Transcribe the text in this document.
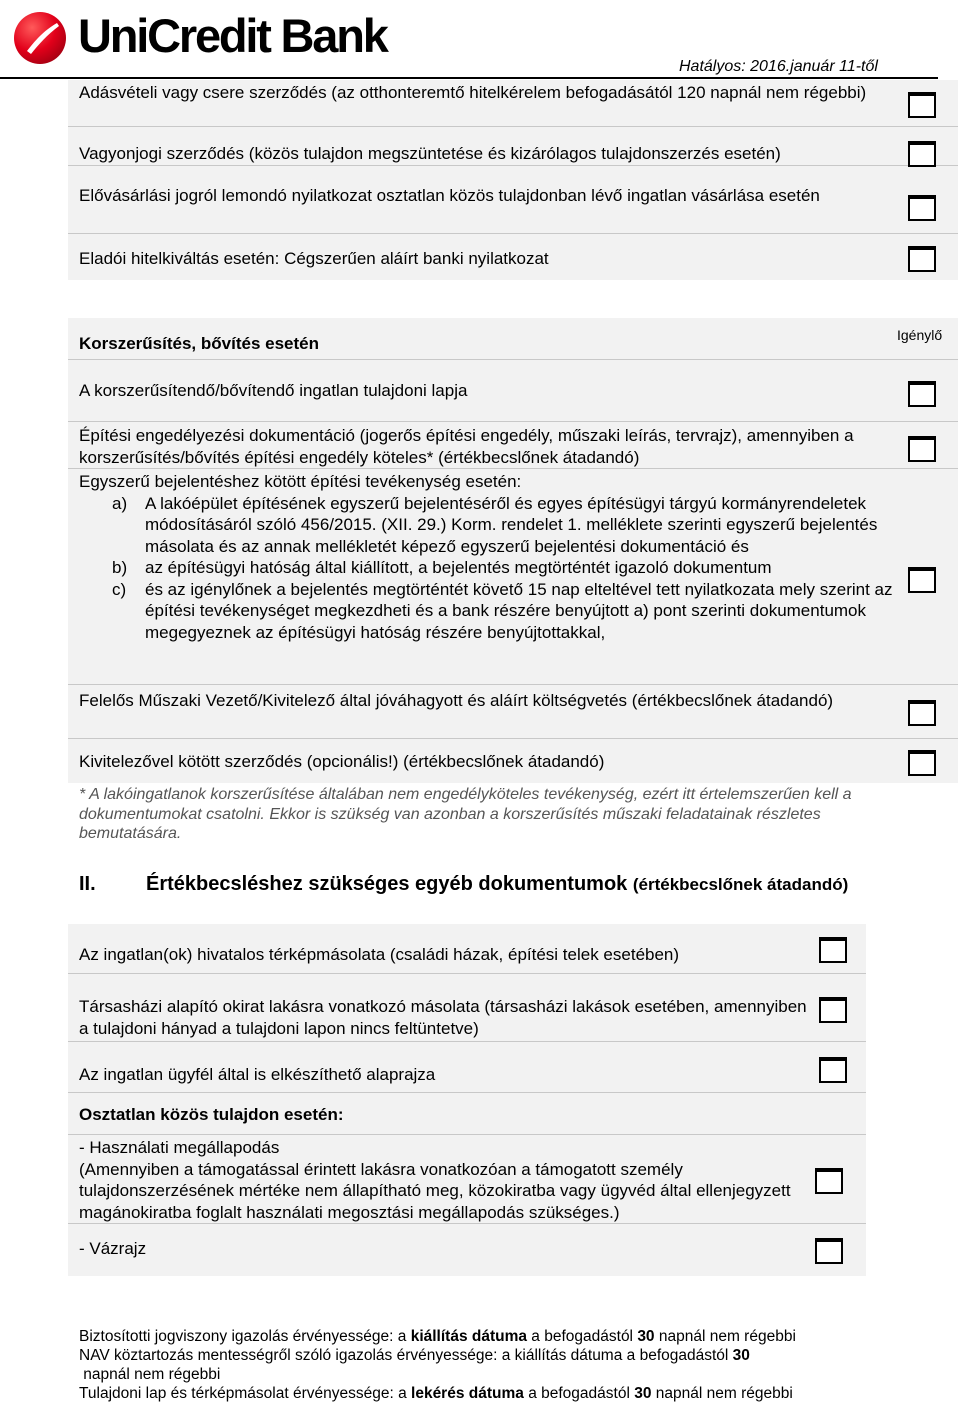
UniCredit Bank
Hatályos: 2016.január 11-től
Adásvételi vagy csere szerződés (az otthonteremtő hitelkérelem befogadásától 120 napnál nem régebbi)
Vagyonjogi szerződés (közös tulajdon megszüntetése és kizárólagos tulajdonszerzés esetén)
Elővásárlási jogról lemondó nyilatkozat osztatlan közös tulajdonban lévő ingatlan vásárlása esetén
Eladói hitelkiváltás esetén: Cégszerűen aláírt banki nyilatkozat
Korszerűsítés, bővítés esetén	Igénylő
A korszerűsítendő/bővítendő ingatlan tulajdoni lapja
Építési engedélyezési dokumentáció (jogerős építési engedély, műszaki leírás, tervrajz), amennyiben a korszerűsítés/bővítés építési engedély köteles* (értékbecslőnek átadandó)
Egyszerű bejelentéshez kötött építési tevékenység esetén:
a) A lakóépület építésének egyszerű bejelentéséről és egyes építésügyi tárgyú kormányrendeletek módosításáról szóló 456/2015. (XII. 29.) Korm. rendelet 1. melléklete szerinti egyszerű bejelentés másolata és az annak mellékletét képező egyszerű bejelentési dokumentáció és
b) az építésügyi hatóság által kiállított, a bejelentés megtörténtét igazoló dokumentum
c) és az igénylőnek a bejelentés megtörténtét követő 15 nap elteltével tett nyilatkozata mely szerint az építési tevékenységet megkezdheti és a bank részére benyújtott a) pont szerinti dokumentumok megegyeznek az építésügyi hatóság részére benyújtottakkal,
Felelős Műszaki Vezető/Kivitelező által jóváhagyott és aláírt költségvetés (értékbecslőnek átadandó)
Kivitelezővel kötött szerződés (opcionális!) (értékbecslőnek átadandó)
* A lakóingatlanok korszerűsítése általában nem engedélyköteles tevékenység, ezért itt értelemszerűen kell a dokumentumokat csatolni. Ekkor is szükség van azonban a korszerűsítés műszaki feladatainak részletes bemutatására.
II.	Értékbecsléshez szükséges egyéb dokumentumok (értékbecslőnek átadandó)
Az ingatlan(ok) hivatalos térképmásolata (családi házak, építési telek esetében)
Társasházi alapító okirat lakásra vonatkozó másolata (társasházi lakások esetében, amennyiben a tulajdoni hányad a tulajdoni lapon nincs feltüntetve)
Az ingatlan ügyfél által is elkészíthető alaprajza
Osztatlan közös tulajdon esetén:
- Használati megállapodás
(Amennyiben a támogatással érintett lakásra vonatkozóan a támogatott személy tulajdonszerzésének mértéke nem állapítható meg, közokiratba vagy ügyvéd által ellenjegyzett magánokiratba foglalt használati megosztási megállapodás szükséges.)
- Vázrajz
Biztosítotti jogviszony igazolás érvényessége: a kiállítás dátuma a befogadástól 30 napnál nem régebbi
NAV köztartozás mentességről szóló igazolás érvényessége: a kiállítás dátuma a befogadástól 30
napnál nem régebbi
Tulajdoni lap és térképmásolat érvényessége: a lekérés dátuma a befogadástól 30 napnál nem régebbi
